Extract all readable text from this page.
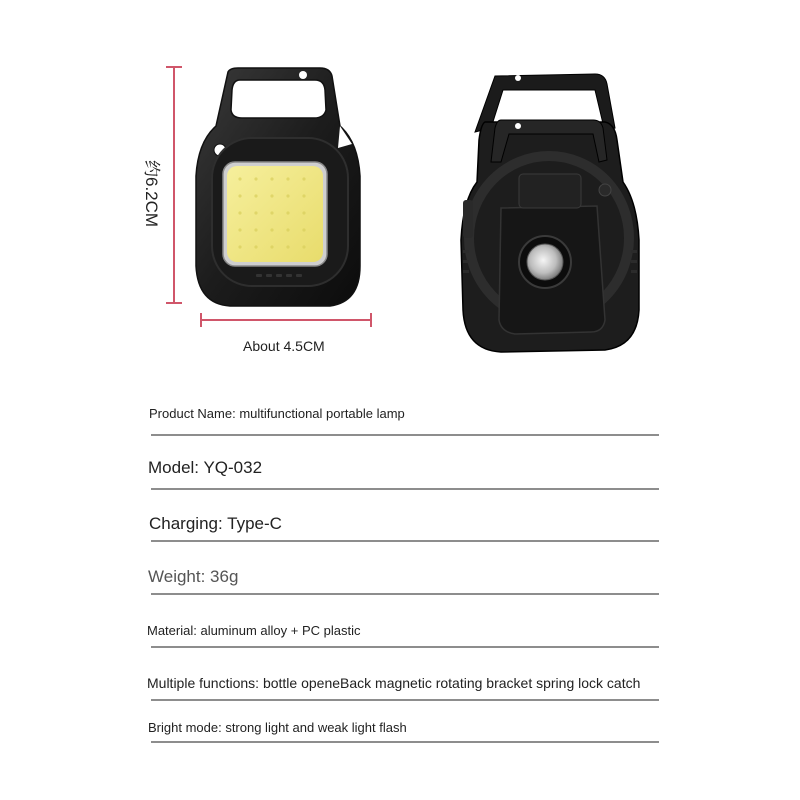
约6.2CM
About 4.5CM
Product Name: multifunctional portable lamp
Model: YQ-032
Charging: Type-C
Weight: 36g
Material: aluminum alloy + PC plastic
Multiple functions: bottle openeBack magnetic rotating bracket spring lock catch
Bright mode: strong light and weak light flash
